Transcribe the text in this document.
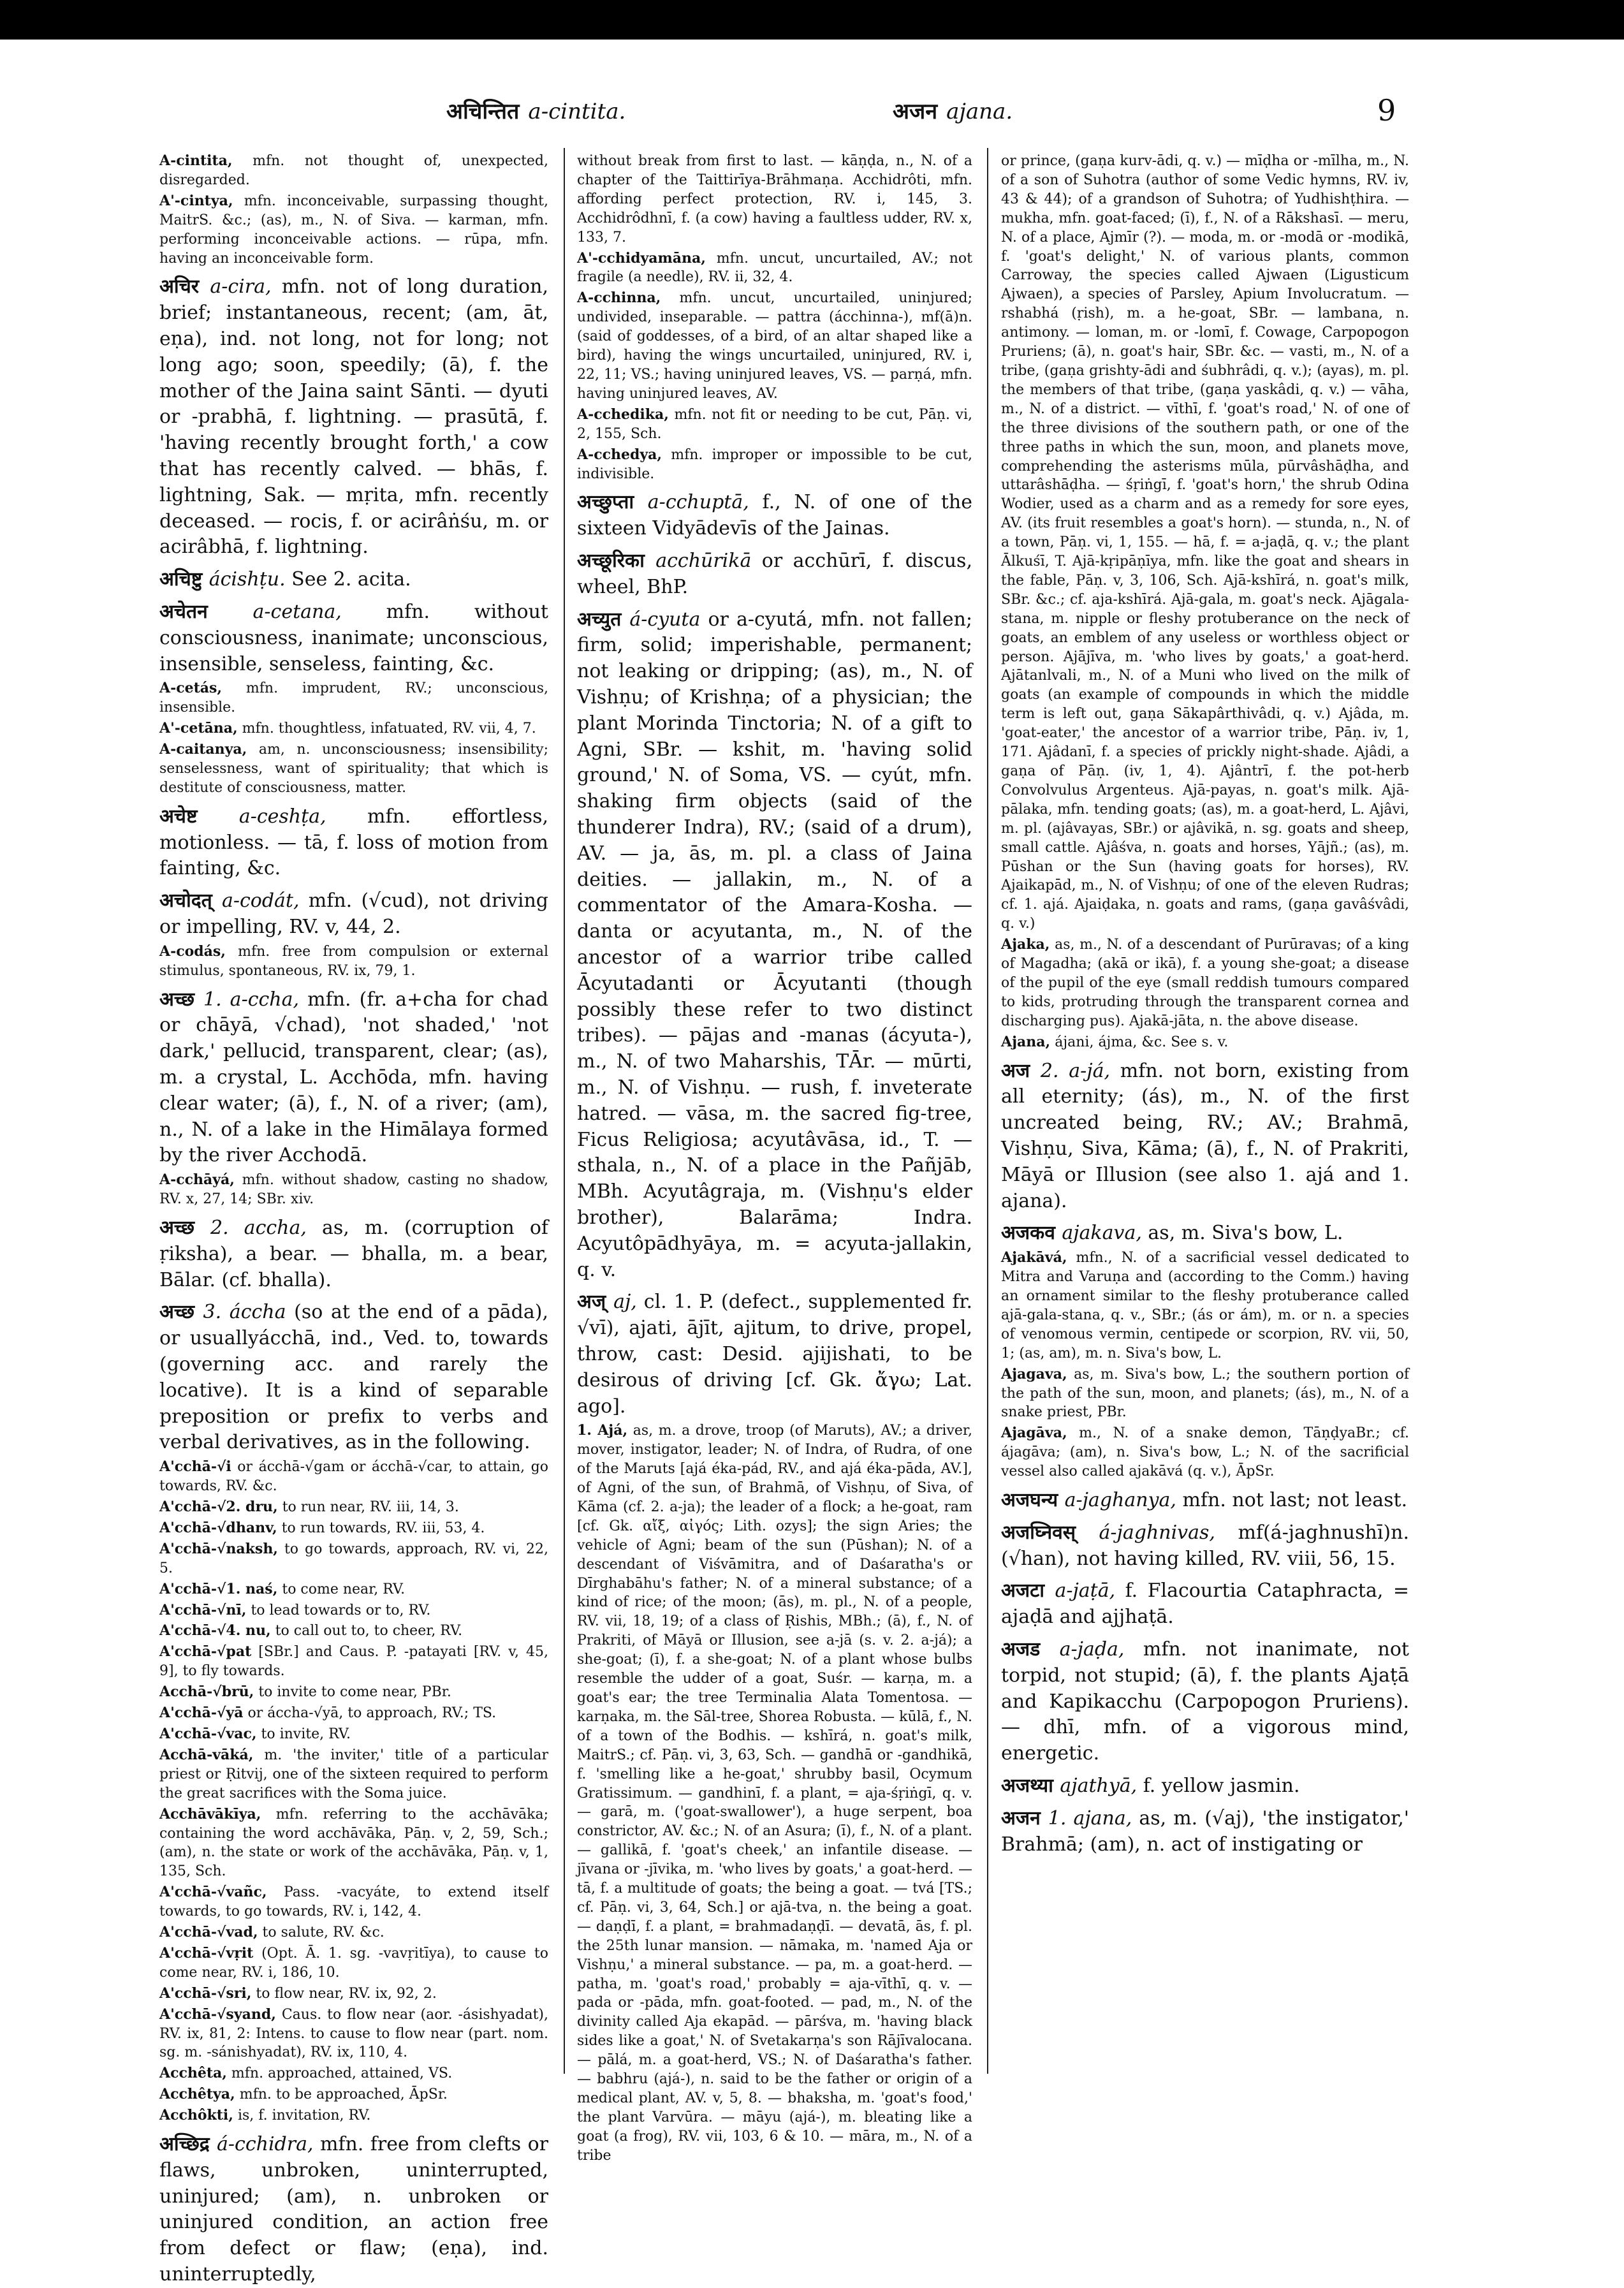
अचिन्तित a-cintita.	अजन ajana.	9

A-cintita, mfn. not thought of, unexpected, disregarded.

A'-cintya, mfn. inconceivable, surpassing thought, MaitrS. &c.; (as), m., N. of Siva. — karman, mfn. performing inconceivable actions. — rūpa, mfn. having an inconceivable form.

अचिर a-cira, mfn. not of long duration, brief; instantaneous, recent; (am, āt, eṇa), ind. not long, not for long; not long ago; soon, speedily; (ā), f. the mother of the Jaina saint Sānti. — dyuti or -prabhā, f. lightning. — prasūtā, f. 'having recently brought forth,' a cow that has recently calved. — bhās, f. lightning, Sak. — mṛita, mfn. recently deceased. — rocis, f. or acirâṅśu, m. or acirâbhā, f. lightning.

अचिष्टु ácishṭu. See 2. acita.

अचेतन a-cetana, mfn. without consciousness, inanimate; unconscious, insensible, senseless, fainting, &c.

A-cetás, mfn. imprudent, RV.; unconscious, insensible.

A'-cetāna, mfn. thoughtless, infatuated, RV. vii, 4, 7.

A-caitanya, am, n. unconsciousness; insensibility; senselessness, want of spirituality; that which is destitute of consciousness, matter.

अचेष्ट a-ceshṭa, mfn. effortless, motionless. — tā, f. loss of motion from fainting, &c.

अचोदत् a-codát, mfn. (√cud), not driving or impelling, RV. v, 44, 2.

A-codás, mfn. free from compulsion or external stimulus, spontaneous, RV. ix, 79, 1.

अच्छ 1. a-ccha, mfn. (fr. a+cha for chad or chāyā, √chad), 'not shaded,' 'not dark,' pellucid, transparent, clear; (as), m. a crystal, L. Acchōda, mfn. having clear water; (ā), f., N. of a river; (am), n., N. of a lake in the Himālaya formed by the river Acchodā.

A-cchāyá, mfn. without shadow, casting no shadow, RV. x, 27, 14; SBr. xiv.

अच्छ 2. accha, as, m. (corruption of ṛiksha), a bear. — bhalla, m. a bear, Bālar. (cf. bhalla).

अच्छ 3. áccha (so at the end of a pāda), or usuallyácchā, ind., Ved. to, towards (governing acc. and rarely the locative). It is a kind of separable preposition or prefix to verbs and verbal derivatives, as in the following.

A'cchā-√i or ácchā-√gam or ácchā-√car, to attain, go towards, RV. &c.

A'cchā-√2. dru, to run near, RV. iii, 14, 3.

A'cchā-√dhanv, to run towards, RV. iii, 53, 4.

A'cchā-√naksh, to go towards, approach, RV. vi, 22, 5.

A'cchā-√1. naś, to come near, RV.

A'cchā-√nī, to lead towards or to, RV.

A'cchā-√4. nu, to call out to, to cheer, RV.

A'cchā-√pat [SBr.] and Caus. P. -patayati [RV. v, 45, 9], to fly towards.

Acchā-√brū, to invite to come near, PBr.

A'cchā-√yā or áccha-√yā, to approach, RV.; TS.

A'cchā-√vac, to invite, RV.

Acchā-vāká, m. 'the inviter,' title of a particular priest or Ṛitvij, one of the sixteen required to perform the great sacrifices with the Soma juice.

Acchāvākīya, mfn. referring to the acchāvāka; containing the word acchāvāka, Pāṇ. v, 2, 59, Sch.; (am), n. the state or work of the acchāvāka, Pāṇ. v, 1, 135, Sch.

A'cchā-√vañc, Pass. -vacyáte, to extend itself towards, to go towards, RV. i, 142, 4.

A'cchā-√vad, to salute, RV. &c.

A'cchā-√vṛit (Opt. Ā. 1. sg. -vavṛitīya), to cause to come near, RV. i, 186, 10.

A'cchā-√sri, to flow near, RV. ix, 92, 2.

A'cchā-√syand, Caus. to flow near (aor. -ásishyadat), RV. ix, 81, 2: Intens. to cause to flow near (part. nom. sg. m. -sánishyadat), RV. ix, 110, 4.

Acchêta, mfn. approached, attained, VS.

Acchêtya, mfn. to be approached, ĀpSr.

Acchôkti, is, f. invitation, RV.

अच्छिद्र á-cchidra, mfn. free from clefts or flaws, unbroken, uninterrupted, uninjured; (am), n. unbroken or uninjured condition, an action free from defect or flaw; (eṇa), ind. uninterruptedly,

without break from first to last. — kāṇḍa, n., N. of a chapter of the Taittirīya-Brāhmaṇa. Acchidrôti, mfn. affording perfect protection, RV. i, 145, 3. Acchidrôdhnī, f. (a cow) having a faultless udder, RV. x, 133, 7.

A'-cchidyamāna, mfn. uncut, uncurtailed, AV.; not fragile (a needle), RV. ii, 32, 4.

A-cchinna, mfn. uncut, uncurtailed, uninjured; undivided, inseparable. — pattra (ácchinna-), mf(ā)n. (said of goddesses, of a bird, of an altar shaped like a bird), having the wings uncurtailed, uninjured, RV. i, 22, 11; VS.; having uninjured leaves, VS. — parṇá, mfn. having uninjured leaves, AV.

A-cchedika, mfn. not fit or needing to be cut, Pāṇ. vi, 2, 155, Sch.

A-cchedya, mfn. improper or impossible to be cut, indivisible.

अच्छुप्ता a-cchuptā, f., N. of one of the sixteen Vidyādevīs of the Jainas.

अच्छूरिका acchūrikā or acchūrī, f. discus, wheel, BhP.

अच्युत á-cyuta or a-cyutá, mfn. not fallen; firm, solid; imperishable, permanent; not leaking or dripping; (as), m., N. of Vishṇu; of Krishṇa; of a physician; the plant Morinda Tinctoria; N. of a gift to Agni, SBr. — kshit, m. 'having solid ground,' N. of Soma, VS. — cyút, mfn. shaking firm objects (said of the thunderer Indra), RV.; (said of a drum), AV. — ja, ās, m. pl. a class of Jaina deities. — jallakin, m., N. of a commentator of the Amara-Kosha. — danta or acyutanta, m., N. of the ancestor of a warrior tribe called Ācyutadanti or Ācyutanti (though possibly these refer to two distinct tribes). — pājas and -manas (ácyuta-), m., N. of two Maharshis, TĀr. — mūrti, m., N. of Vishṇu. — rush, f. inveterate hatred. — vāsa, m. the sacred fig-tree, Ficus Religiosa; acyutâvāsa, id., T. — sthala, n., N. of a place in the Pañjāb, MBh. Acyutâgraja, m. (Vishṇu's elder brother), Balarāma; Indra. Acyutôpādhyāya, m. = acyuta-jallakin, q. v.

अज् aj, cl. 1. P. (defect., supplemented fr. √vī), ajati, ājīt, ajitum, to drive, propel, throw, cast: Desid. ajijishati, to be desirous of driving [cf. Gk. ἄγω; Lat. ago].

1. Ajá, as, m. a drove, troop (of Maruts), AV.; a driver, mover, instigator, leader; N. of Indra, of Rudra, of one of the Maruts [ajá éka-pád, RV., and ajá éka-pāda, AV.], of Agni, of the sun, of Brahmā, of Vishṇu, of Siva, of Kāma (cf. 2. a-ja); the leader of a flock; a he-goat, ram [cf. Gk. αἴξ, αἰγός; Lith. ozys]; the sign Aries; the vehicle of Agni; beam of the sun (Pūshan); N. of a descendant of Viśvāmitra, and of Daśaratha's or Dīrghabāhu's father; N. of a mineral substance; of a kind of rice; of the moon; (ās), m. pl., N. of a people, RV. vii, 18, 19; of a class of Ṛishis, MBh.; (ā), f., N. of Prakriti, of Māyā or Illusion, see a-jā (s. v. 2. a-já); a she-goat; (ī), f. a she-goat; N. of a plant whose bulbs resemble the udder of a goat, Suśr. — karṇa, m. a goat's ear; the tree Terminalia Alata Tomentosa. — karṇaka, m. the Sāl-tree, Shorea Robusta. — kūlā, f., N. of a town of the Bodhis. — kshīrá, n. goat's milk, MaitrS.; cf. Pāṇ. vi, 3, 63, Sch. — gandhā or -gandhikā, f. 'smelling like a he-goat,' shrubby basil, Ocymum Gratissimum. — gandhinī, f. a plant, = aja-śṛiṅgī, q. v. — garā, m. ('goat-swallower'), a huge serpent, boa constrictor, AV. &c.; N. of an Asura; (ī), f., N. of a plant. — gallikā, f. 'goat's cheek,' an infantile disease. — jīvana or -jīvika, m. 'who lives by goats,' a goat-herd. — tā, f. a multitude of goats; the being a goat. — tvá [TS.; cf. Pāṇ. vi, 3, 64, Sch.] or ajā-tva, n. the being a goat. — daṇḍī, f. a plant, = brahmadaṇḍī. — devatā, ās, f. pl. the 25th lunar mansion. — nāmaka, m. 'named Aja or Vishṇu,' a mineral substance. — pa, m. a goat-herd. — patha, m. 'goat's road,' probably = aja-vīthī, q. v. — pada or -pāda, mfn. goat-footed. — pad, m., N. of the divinity called Aja ekapād. — pārśva, m. 'having black sides like a goat,' N. of Svetakarṇa's son Rājīvalocana. — pālá, m. a goat-herd, VS.; N. of Daśaratha's father. — babhru (ajá-), n. said to be the father or origin of a medical plant, AV. v, 5, 8. — bhaksha, m. 'goat's food,' the plant Varvūra. — māyu (ajá-), m. bleating like a goat (a frog), RV. vii, 103, 6 & 10. — māra, m., N. of a tribe

or prince, (gaṇa kurv-ādi, q. v.) — mīḍha or -mīlha, m., N. of a son of Suhotra (author of some Vedic hymns, RV. iv, 43 & 44); of a grandson of Suhotra; of Yudhishṭhira. — mukha, mfn. goat-faced; (ī), f., N. of a Rākshasī. — meru, N. of a place, Ajmīr (?). — moda, m. or -modā or -modikā, f. 'goat's delight,' N. of various plants, common Carroway, the species called Ajwaen (Ligusticum Ajwaen), a species of Parsley, Apium Involucratum. — rshabhá (ṛish), m. a he-goat, SBr. — lambana, n. antimony. — loman, m. or -lomī, f. Cowage, Carpopogon Pruriens; (ā), n. goat's hair, SBr. &c. — vasti, m., N. of a tribe, (gaṇa grishty-ādi and śubhrâdi, q. v.); (ayas), m. pl. the members of that tribe, (gaṇa yaskâdi, q. v.) — vāha, m., N. of a district. — vīthī, f. 'goat's road,' N. of one of the three divisions of the southern path, or one of the three paths in which the sun, moon, and planets move, comprehending the asterisms mūla, pūrvâshāḍha, and uttarâshāḍha. — śṛiṅgī, f. 'goat's horn,' the shrub Odina Wodier, used as a charm and as a remedy for sore eyes, AV. (its fruit resembles a goat's horn). — stunda, n., N. of a town, Pāṇ. vi, 1, 155. — hā, f. = a-jaḍā, q. v.; the plant Ālkuśī, T. Ajā-kṛipāṇīya, mfn. like the goat and shears in the fable, Pāṇ. v, 3, 106, Sch. Ajā-kshīrá, n. goat's milk, SBr. &c.; cf. aja-kshīrá. Ajā-gala, m. goat's neck. Ajāgala-stana, m. nipple or fleshy protuberance on the neck of goats, an emblem of any useless or worthless object or person. Ajājīva, m. 'who lives by goats,' a goat-herd. Ajātanlvali, m., N. of a Muni who lived on the milk of goats (an example of compounds in which the middle term is left out, gaṇa Sākapârthivâdi, q. v.) Ajâda, m. 'goat-eater,' the ancestor of a warrior tribe, Pāṇ. iv, 1, 171. Ajâdanī, f. a species of prickly night-shade. Ajâdi, a gaṇa of Pāṇ. (iv, 1, 4). Ajântrī, f. the pot-herb Convolvulus Argenteus. Ajā-payas, n. goat's milk. Ajā-pālaka, mfn. tending goats; (as), m. a goat-herd, L. Ajâvi, m. pl. (ajâvayas, SBr.) or ajâvikā, n. sg. goats and sheep, small cattle. Ajâśva, n. goats and horses, Yājñ.; (as), m. Pūshan or the Sun (having goats for horses), RV. Ajaikapād, m., N. of Vishṇu; of one of the eleven Rudras; cf. 1. ajá. Ajaiḍaka, n. goats and rams, (gaṇa gavâśvâdi, q. v.)

Ajaka, as, m., N. of a descendant of Purūravas; of a king of Magadha; (akā or ikā), f. a young she-goat; a disease of the pupil of the eye (small reddish tumours compared to kids, protruding through the transparent cornea and discharging pus). Ajakā-jāta, n. the above disease.

Ajana, ájani, ájma, &c. See s. v.

अज 2. a-já, mfn. not born, existing from all eternity; (ás), m., N. of the first uncreated being, RV.; AV.; Brahmā, Vishṇu, Siva, Kāma; (ā), f., N. of Prakriti, Māyā or Illusion (see also 1. ajá and 1. ajana).

अजकव ajakava, as, m. Siva's bow, L.

Ajakāvá, mfn., N. of a sacrificial vessel dedicated to Mitra and Varuṇa and (according to the Comm.) having an ornament similar to the fleshy protuberance called ajā-gala-stana, q. v., SBr.; (ás or ám), m. or n. a species of venomous vermin, centipede or scorpion, RV. vii, 50, 1; (as, am), m. n. Siva's bow, L.

Ajagava, as, m. Siva's bow, L.; the southern portion of the path of the sun, moon, and planets; (ás), m., N. of a snake priest, PBr.

Ajagāva, m., N. of a snake demon, TāṇḍyaBr.; cf. ájagāva; (am), n. Siva's bow, L.; N. of the sacrificial vessel also called ajakāvá (q. v.), ĀpSr.

अजघन्य a-jaghanya, mfn. not last; not least.

अजघ्निवस् á-jaghnivas, mf(á-jaghnushī)n. (√han), not having killed, RV. viii, 56, 15.

अजटा a-jaṭā, f. Flacourtia Cataphracta, = ajaḍā and ajjhaṭā.

अजड a-jaḍa, mfn. not inanimate, not torpid, not stupid; (ā), f. the plants Ajaṭā and Kapikacchu (Carpopogon Pruriens). — dhī, mfn. of a vigorous mind, energetic.

अजथ्या ajathyā, f. yellow jasmin.

अजन 1. ajana, as, m. (√aj), 'the instigator,' Brahmā; (am), n. act of instigating or
